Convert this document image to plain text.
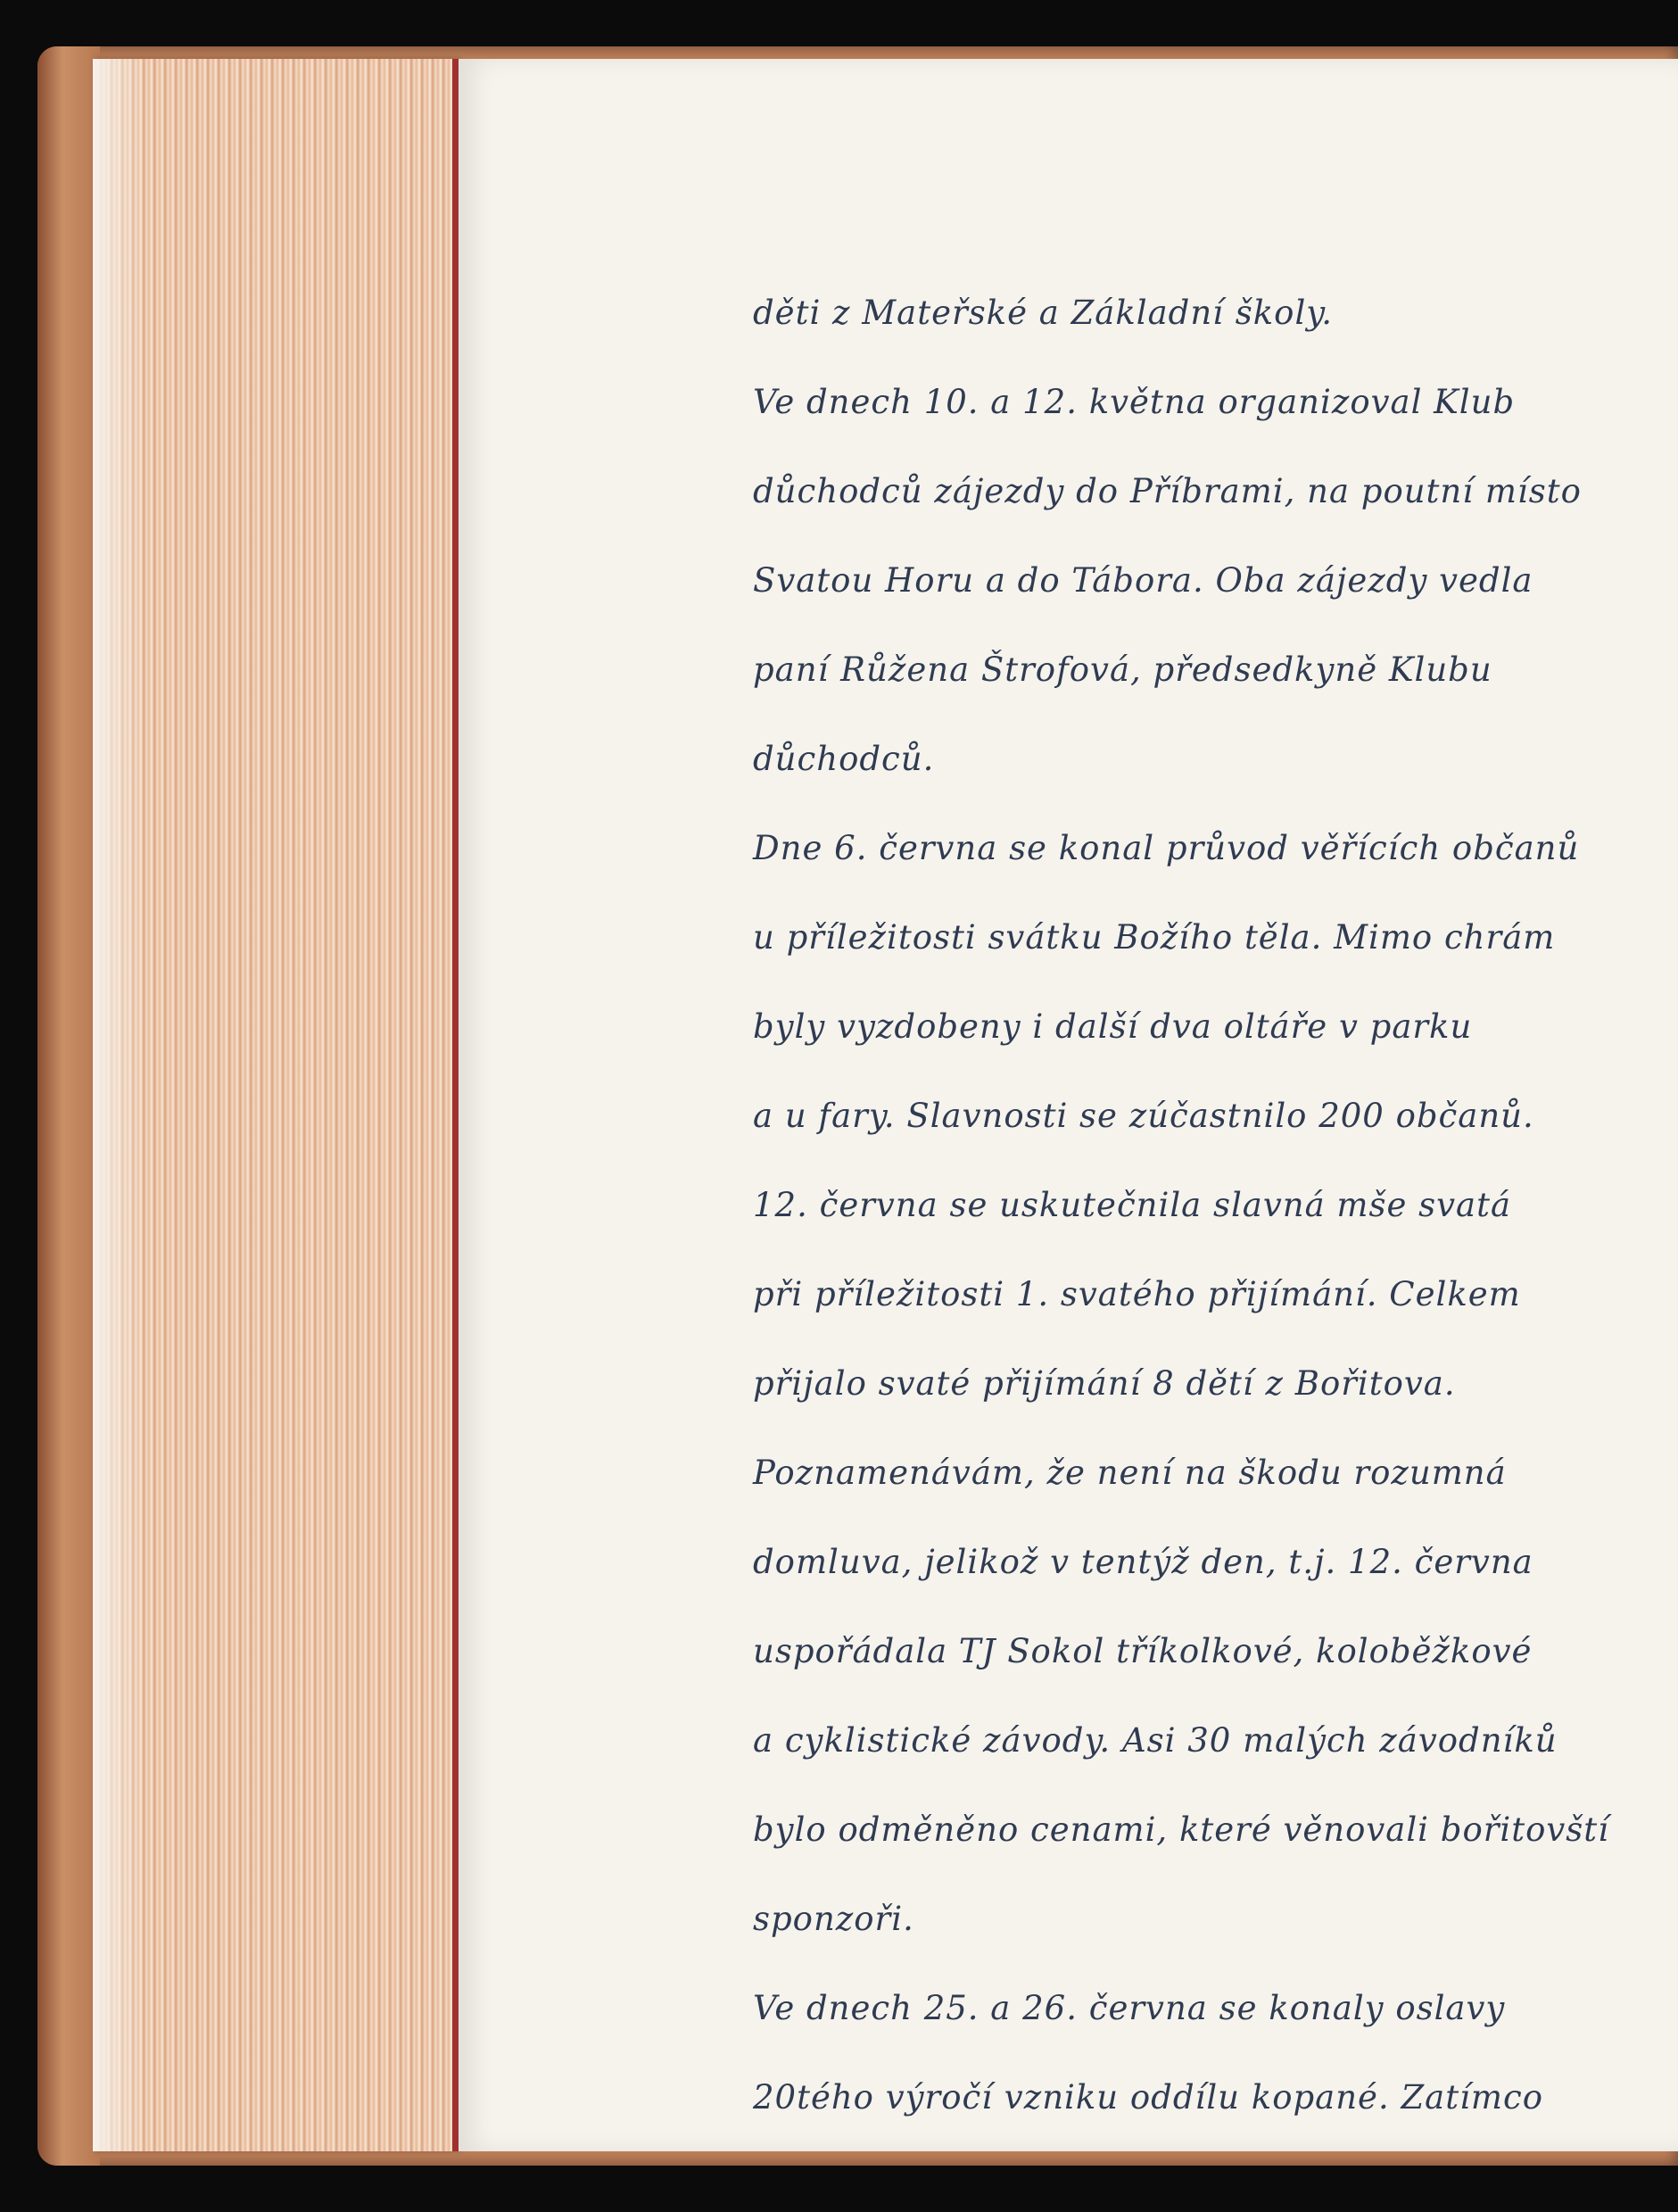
děti z Mateřské a Základní školy.
Ve dnech 10. a 12. května organizoval Klub
důchodců zájezdy do Příbrami, na poutní místo
Svatou Horu a do Tábora. Oba zájezdy vedla
paní Růžena Štrofová, předsedkyně Klubu
důchodců.
Dne 6. června se konal průvod věřících občanů
u příležitosti svátku Božího těla. Mimo chrám
byly vyzdobeny i další dva oltáře v parku
a u fary. Slavnosti se zúčastnilo 200 občanů.
12. června se uskutečnila slavná mše svatá
při příležitosti 1. svatého přijímání. Celkem
přijalo svaté přijímání 8 dětí z Bořitova.
Poznamenávám, že není na škodu rozumná
domluva, jelikož v tentýž den, t.j. 12. června
uspořádala TJ Sokol tříkolkové, koloběžkové
a cyklistické závody. Asi 30 malých závodníků
bylo odměněno cenami, které věnovali bořitovští
sponzoři.
Ve dnech 25. a 26. června se konaly oslavy
20tého výročí vzniku oddílu kopané. Zatímco
